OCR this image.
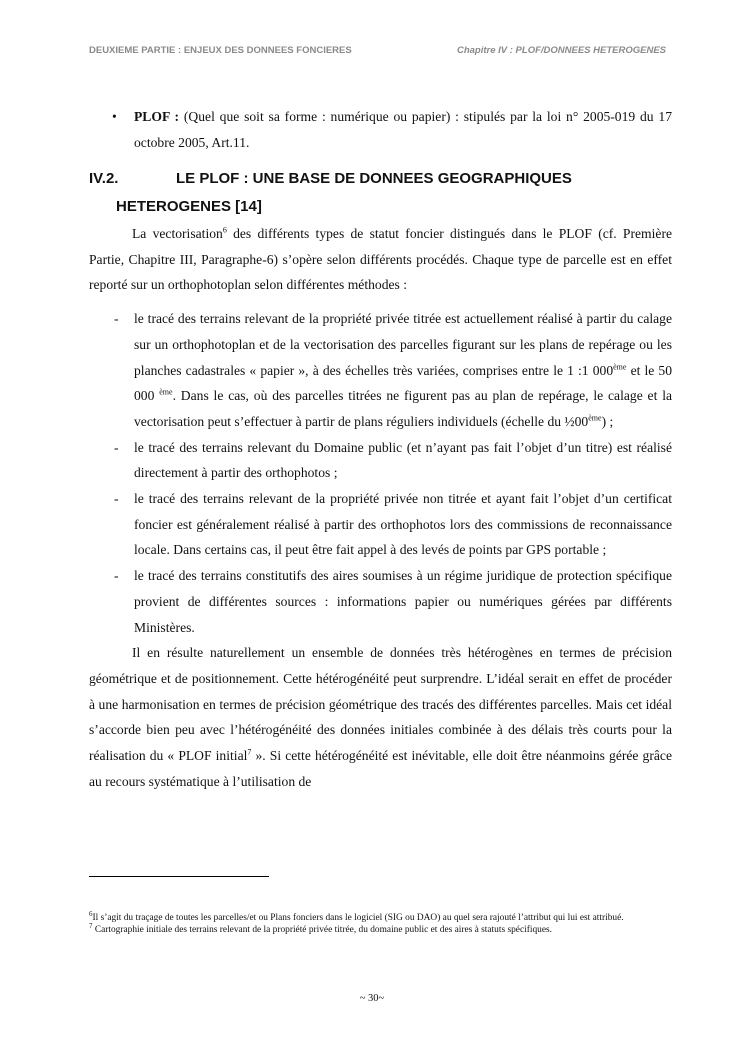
DEUXIEME PARTIE : ENJEUX DES DONNEES FONCIERES	Chapitre IV : PLOF/DONNEES HETEROGENES
• PLOF : (Quel que soit sa forme : numérique ou papier) : stipulés par la loi n° 2005-019 du 17 octobre 2005, Art.11.
IV.2.	LE PLOF : UNE BASE DE DONNEES GEOGRAPHIQUES
HETEROGENES [14]

La vectorisation$^6$ des différents types de statut foncier distingués dans le PLOF (cf. Première Partie, Chapitre III, Paragraphe-6) s’opère selon différents procédés. Chaque type de parcelle est en effet reporté sur un orthophotoplan selon différentes méthodes :

- le tracé des terrains relevant de la propriété privée titrée est actuellement réalisé à partir du calage sur un orthophotoplan et de la vectorisation des parcelles figurant sur les plans de repérage ou les planches cadastrales « papier », à des échelles très variées, comprises entre le 1 :1 000ème et le 50 000 $^{ème}$. Dans le cas, où des parcelles titrées ne figurent pas au plan de repérage, le calage et la vectorisation peut s’effectuer à partir de plans réguliers individuels (échelle du ½00ème) ;
- le tracé des terrains relevant du Domaine public (et n’ayant pas fait l’objet d’un titre) est réalisé directement à partir des orthophotos ;
- le tracé des terrains relevant de la propriété privée non titrée et ayant fait l’objet d’un certificat foncier est généralement réalisé à partir des orthophotos lors des commissions de reconnaissance locale. Dans certains cas, il peut être fait appel à des levés de points par GPS portable ;
- le tracé des terrains constitutifs des aires soumises à un régime juridique de protection spécifique provient de différentes sources : informations papier ou numériques gérées par différents Ministères.

Il en résulte naturellement un ensemble de données très hétérogènes en termes de précision géométrique et de positionnement. Cette hétérogénéité peut surprendre. L’idéal serait en effet de procéder à une harmonisation en termes de précision géométrique des tracés des différentes parcelles. Mais cet idéal s’accorde bien peu avec l’hétérogénéité des données initiales combinée à des délais très courts pour la réalisation du « PLOF initial$^7$ ». Si cette hétérogénéité est inévitable, elle doit être néanmoins gérée grâce au recours systématique à l’utilisation de

$^6$Il s’agit du traçage de toutes les parcelles/et ou Plans fonciers dans le logiciel (SIG ou DAO) au quel sera rajouté l’attribut qui lui est attribué.
$^7$ Cartographie initiale des terrains relevant de la propriété privée titrée, du domaine public et des aires à statuts spécifiques.
~ 30~
